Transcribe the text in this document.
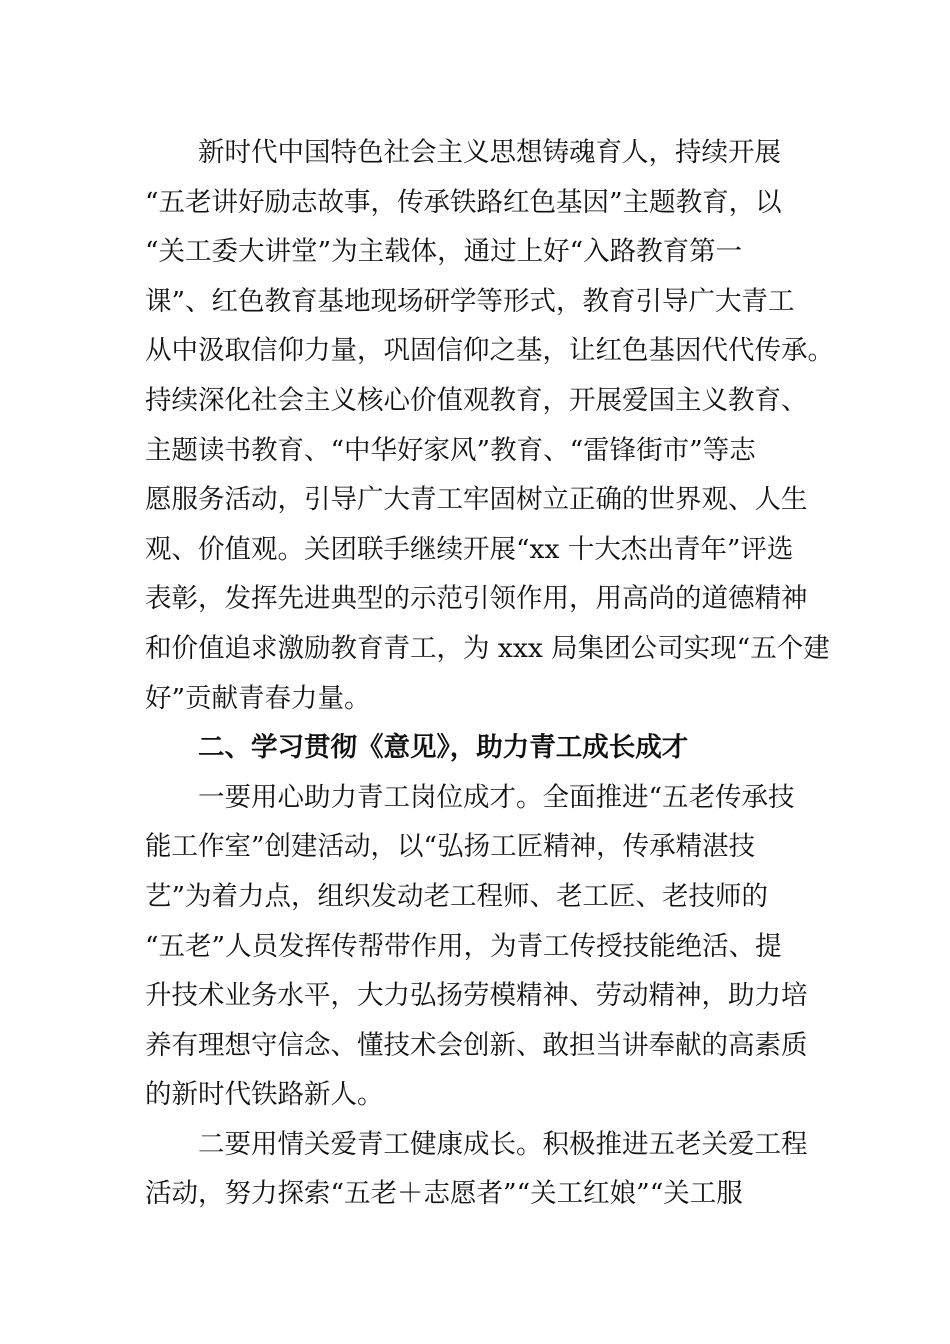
新时代中国特色社会主义思想铸魂育人，持续开展
“五老讲好励志故事，传承铁路红色基因”主题教育，以
“关工委大讲堂”为主载体，通过上好“入路教育第一
课”、红色教育基地现场研学等形式，教育引导广大青工
从中汲取信仰力量，巩固信仰之基，让红色基因代代传承。
持续深化社会主义核心价值观教育，开展爱国主义教育、
主题读书教育、“中华好家风”教育、“雷锋街市”等志
愿服务活动，引导广大青工牢固树立正确的世界观、人生
观、价值观。关团联手继续开展“xx 十大杰出青年”评选
表彰，发挥先进典型的示范引领作用，用高尚的道德精神
和价值追求激励教育青工，为 xxx 局集团公司实现“五个建
好”贡献青春力量。
二、学习贯彻《意见》，助力青工成长成才
一要用心助力青工岗位成才。全面推进“五老传承技
能工作室”创建活动，以“弘扬工匠精神，传承精湛技
艺”为着力点，组织发动老工程师、老工匠、老技师的
“五老”人员发挥传帮带作用，为青工传授技能绝活、提
升技术业务水平，大力弘扬劳模精神、劳动精神，助力培
养有理想守信念、懂技术会创新、敢担当讲奉献的高素质
的新时代铁路新人。
二要用情关爱青工健康成长。积极推进五老关爱工程
活动，努力探索“五老＋志愿者”“关工红娘”“关工服
